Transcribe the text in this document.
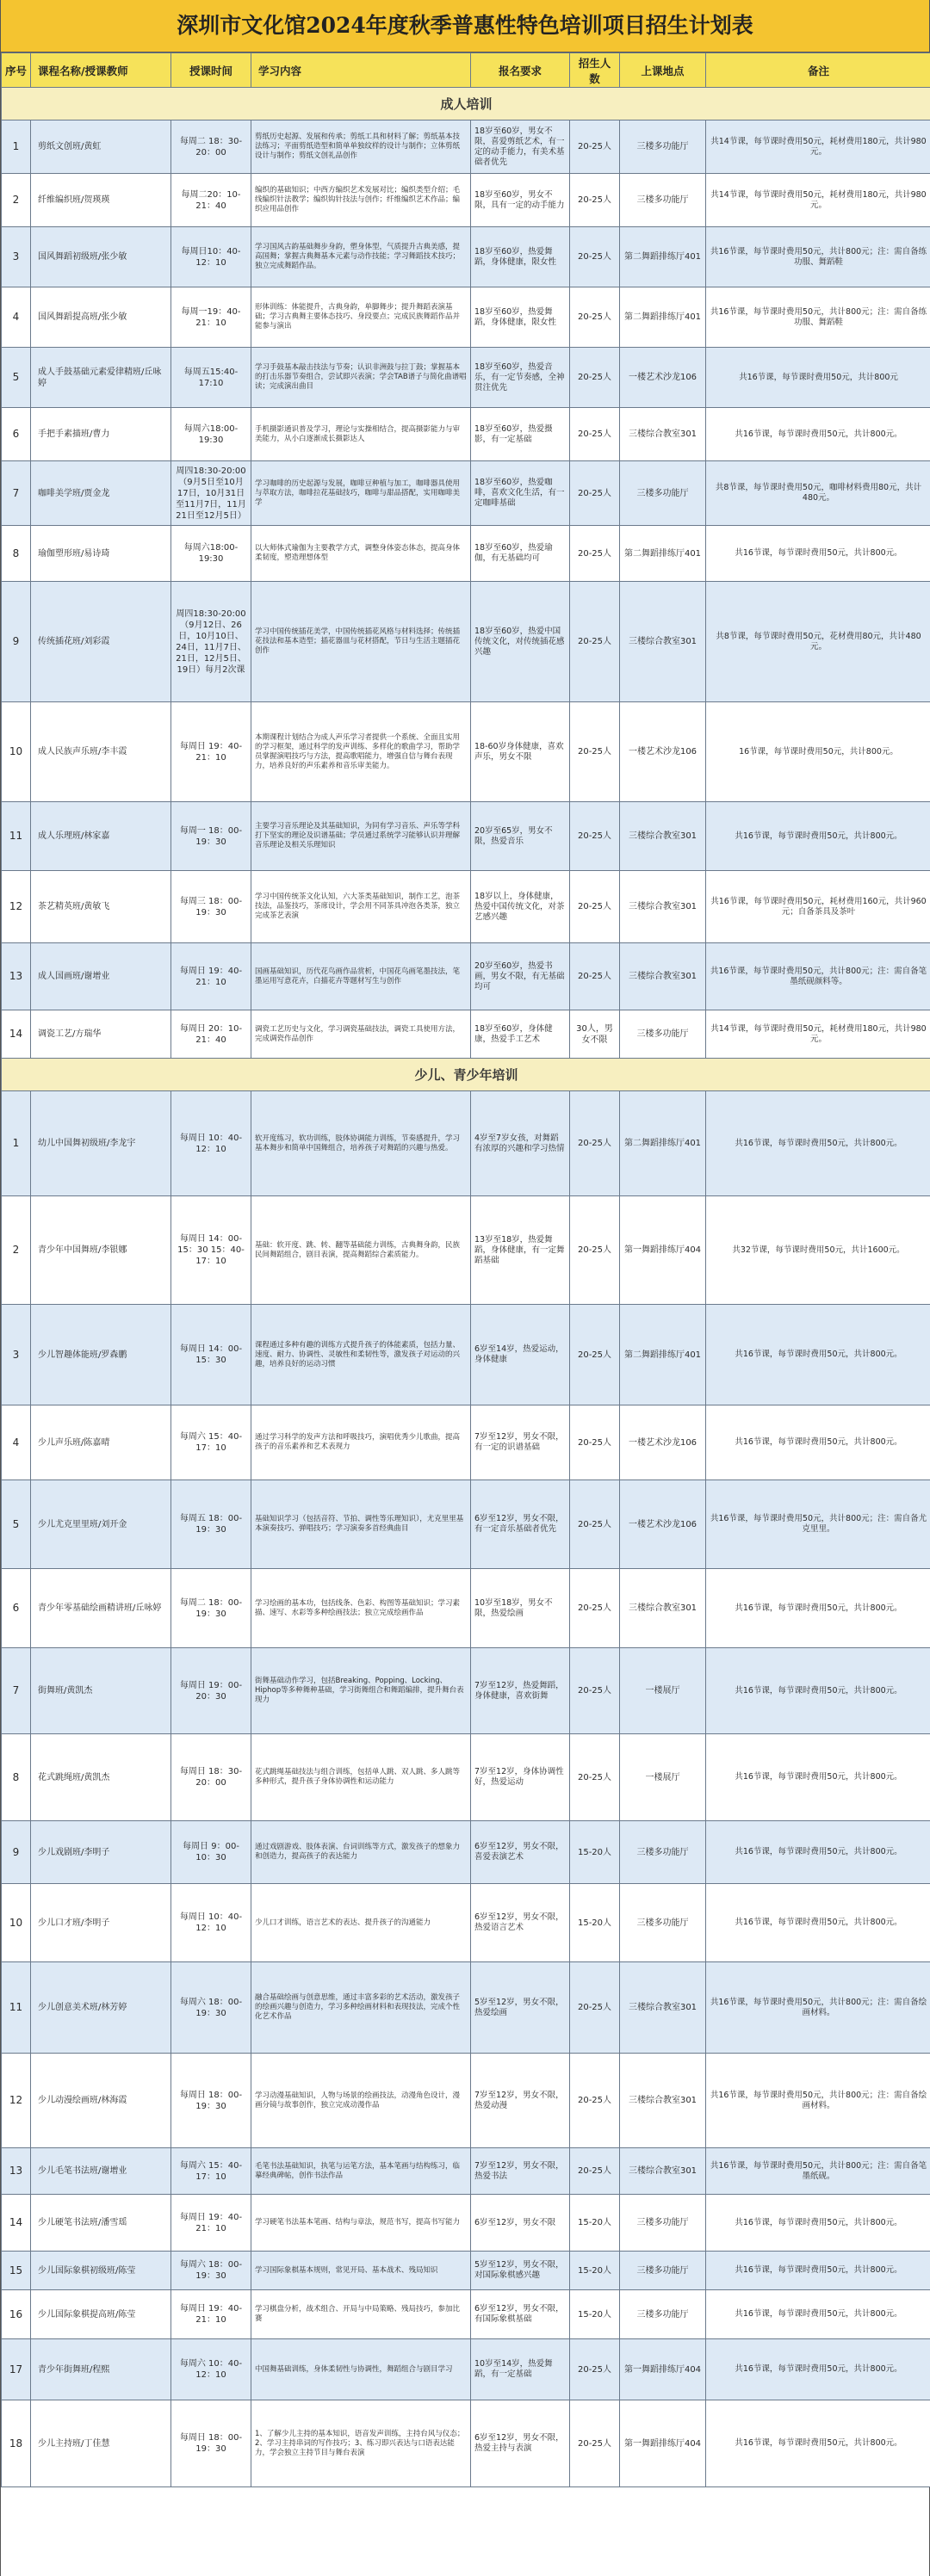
深圳市文化馆2024年度秋季普惠性特色培训项目招生计划表
序号	课程名称/授课教师	授课时间	学习内容	报名要求	招生人数	上课地点	备注
成人培训							
1	剪纸文创班/黄虹	每周二 18：30-20：00	剪纸历史起源、发展和传承；剪纸工具和材料了解；剪纸基本技法练习；平面剪纸造型和简单单独纹样的设计与制作；立体剪纸设计与制作；剪纸文创礼品创作	18岁至60岁，男女不限，喜爱剪纸艺术，有一定的动手能力，有美术基础者优先	20-25人	三楼多功能厅	共14节课，每节课时费用50元，耗材费用180元，共计980元。
2	纤维编织班/贺瑛瑛	每周二20：10-21：40	编织的基础知识；中西方编织艺术发展对比；编织类型介绍；毛线编织针法教学；编织钩针技法与创作；纤维编织艺术作品；编织应用品创作	18岁至60岁，男女不限，具有一定的动手能力	20-25人	三楼多功能厅	共14节课，每节课时费用50元，耗材费用180元，共计980元。
3	国风舞蹈初级班/张少敏	每周日10：40-12：10	学习国风古韵基础舞步身韵，塑身体型，气质提升古典美感，提高国舞；掌握古典舞基本元素与动作技能；学习舞蹈技术技巧；独立完成舞蹈作品。	18岁至60岁，热爱舞蹈，身体健康，限女性	20-25人	第二舞蹈排练厅401	共16节课，每节课时费用50元，共计800元；注：需自备练功服、舞蹈鞋
4	国风舞蹈提高班/张少敏	每周一19：40-21：10	形体训练：体能提升，古典身韵，单脚舞步；提升舞蹈表演基础；学习古典舞主要体态技巧、身段要点；完成民族舞蹈作品并能参与演出	18岁至60岁，热爱舞蹈，身体健康，限女性	20-25人	第二舞蹈排练厅401	共16节课，每节课时费用50元，共计800元；注：需自备练功服、舞蹈鞋
5	成人手鼓基础元素爱律精班/丘咏婷	每周五15:40-17:10	学习手鼓基本敲击技法与节奏；认识非洲鼓与拉丁鼓；掌握基本的打击乐器节奏组合，尝试即兴表演；学会TAB谱子与简化曲谱唱读；完成演出曲目	18岁至60岁，热爱音乐，有一定节奏感，全神贯注优先	20-25人	一楼艺术沙龙106	共16节课，每节课时费用50元，共计800元
6	手把手素描班/曹力	每周六18:00-19:30	手机摄影通识普及学习，理论与实操相结合，提高摄影能力与审美能力，从小白逐渐成长摄影达人	18岁至60岁，热爱摄影，有一定基础	20-25人	三楼综合教室301	共16节课，每节课时费用50元，共计800元。
7	咖啡美学班/贾金龙	周四18:30-20:00（9月5日至10月17日，10月31日至11月7日，11月21日至12月5日）	学习咖啡的历史起源与发展，咖啡豆种植与加工，咖啡器具使用与萃取方法，咖啡拉花基础技巧，咖啡与甜品搭配，实用咖啡美学	18岁至60岁，热爱咖啡，喜欢文化生活，有一定咖啡基础	20-25人	三楼多功能厅	共8节课，每节课时费用50元，咖啡材料费用80元，共计480元。
8	瑜伽塑形班/易诗琦	每周六18:00-19:30	以大师体式瑜伽为主要教学方式，调整身体姿态体态，提高身体柔韧度，塑造理想体型	18岁至60岁，热爱瑜伽，有无基础均可	20-25人	第二舞蹈排练厅401	共16节课，每节课时费用50元，共计800元。
9	传统插花班/刘彩霞	周四18:30-20:00（9月12日、26日，10月10日、24日，11月7日、21日，12月5日、19日）每月2次课	学习中国传统插花美学，中国传统插花风格与材料选择；传统插花技法和基本造型；插花器皿与花材搭配，节日与生活主题插花创作	18岁至60岁，热爱中国传统文化，对传统插花感兴趣	20-25人	三楼综合教室301	共8节课，每节课时费用50元，花材费用80元，共计480元。
10	成人民族声乐班/李丰霞	每周日 19：40-21：10	本期课程计划结合为成人声乐学习者提供一个系统、全面且实用的学习框架，通过科学的发声训练、多样化的歌曲学习，帮助学员掌握演唱技巧与方法，提高歌唱能力，增强自信与舞台表现力，培养良好的声乐素养和音乐审美能力。	18-60岁身体健康，喜欢声乐，男女不限	20-25人	一楼艺术沙龙106	16节课，每节课时费用50元，共计800元。
11	成人乐理班/林家嘉	每周一 18：00-19：30	主要学习音乐理论及其基础知识，为同有学习音乐、声乐等学科打下坚实的理论及识谱基础；学员通过系统学习能够认识并理解音乐理论及相关乐理知识	20岁至65岁，男女不限，热爱音乐	20-25人	三楼综合教室301	共16节课，每节课时费用50元，共计800元。
12	茶艺精英班/黄敏飞	每周三 18：00-19：30	学习中国传统茶文化认知，六大茶类基础知识，制作工艺，泡茶技法，品鉴技巧，茶席设计，学会用不同茶具冲泡各类茶，独立完成茶艺表演	18岁以上，身体健康，热爱中国传统文化，对茶艺感兴趣	20-25人	三楼综合教室301	共16节课，每节课时费用50元，耗材费用160元，共计960元；自备茶具及茶叶
13	成人国画班/谢增业	每周日 19：40-21：10	国画基础知识，历代花鸟画作品赏析，中国花鸟画笔墨技法，笔墨运用写意花卉，白描花卉等题材写生与创作	20岁至60岁，热爱书画，男女不限，有无基础均可	20-25人	三楼综合教室301	共16节课，每节课时费用50元，共计800元；注：需自备笔墨纸砚颜料等。
14	调瓷工艺/方瑞华	每周日 20：10-21：40	调瓷工艺历史与文化，学习调瓷基础技法，调瓷工具使用方法，完成调瓷作品创作	18岁至60岁，身体健康，热爱手工艺术	30人，男女不限	三楼多功能厅	共14节课，每节课时费用50元，耗材费用180元，共计980元。
少儿、青少年培训							
1	幼儿中国舞初级班/李龙宇	每周日 10：40-12：10	软开度练习，软功训练，肢体协调能力训练，节奏感提升，学习基本舞步和简单中国舞组合，培养孩子对舞蹈的兴趣与热爱。	4岁至7岁女孩，对舞蹈有浓厚的兴趣和学习热情	20-25人	第二舞蹈排练厅401	共16节课，每节课时费用50元，共计800元。
2	青少年中国舞班/李银娜	每周日 14：00-15：30 15：40-17：10	基础：软开度、跳、转、翻等基础能力训练，古典舞身韵，民族民间舞蹈组合，剧目表演，提高舞蹈综合素质能力。	13岁至18岁，热爱舞蹈，身体健康，有一定舞蹈基础	20-25人	第一舞蹈排练厅404	共32节课，每节课时费用50元，共计1600元。
3	少儿智趣体能班/罗森鹏	每周日 14：00-15：30	课程通过多种有趣的训练方式提升孩子的体能素质，包括力量、速度、耐力、协调性、灵敏性和柔韧性等，激发孩子对运动的兴趣，培养良好的运动习惯	6岁至14岁，热爱运动，身体健康	20-25人	第二舞蹈排练厅401	共16节课，每节课时费用50元，共计800元。
4	少儿声乐班/陈嘉晴	每周六 15：40-17：10	通过学习科学的发声方法和呼吸技巧，演唱优秀少儿歌曲，提高孩子的音乐素养和艺术表现力	7岁至12岁，男女不限，有一定的识谱基础	20-25人	一楼艺术沙龙106	共16节课，每节课时费用50元，共计800元。
5	少儿尤克里里班/刘开金	每周五 18：00-19：30	基础知识学习（包括音符、节拍、调性等乐理知识），尤克里里基本演奏技巧、弹唱技巧；学习演奏多首经典曲目	6岁至12岁，男女不限，有一定音乐基础者优先	20-25人	一楼艺术沙龙106	共16节课，每节课时费用50元，共计800元；注：需自备尤克里里。
6	青少年零基础绘画精讲班/丘咏婷	每周二 18：00-19：30	学习绘画的基本功，包括线条、色彩、构图等基础知识；学习素描、速写、水彩等多种绘画技法；独立完成绘画作品	10岁至18岁，男女不限，热爱绘画	20-25人	三楼综合教室301	共16节课，每节课时费用50元，共计800元。
7	街舞班/黄凯杰	每周日 19：00-20：30	街舞基础动作学习，包括Breaking、Popping、Locking、Hiphop等多种舞种基础，学习街舞组合和舞蹈编排，提升舞台表现力	7岁至12岁，热爱舞蹈，身体健康，喜欢街舞	20-25人	一楼展厅	共16节课，每节课时费用50元，共计800元。
8	花式跳绳班/黄凯杰	每周日 18：30-20：00	花式跳绳基础技法与组合训练，包括单人跳、双人跳、多人跳等多种形式，提升孩子身体协调性和运动能力	7岁至12岁，身体协调性好，热爱运动	20-25人	一楼展厅	共16节课，每节课时费用50元，共计800元。
9	少儿戏剧班/李明子	每周日 9：00-10：30	通过戏剧游戏、肢体表演、台词训练等方式，激发孩子的想象力和创造力，提高孩子的表达能力	6岁至12岁，男女不限，喜爱表演艺术	15-20人	三楼多功能厅	共16节课，每节课时费用50元，共计800元。
10	少儿口才班/李明子	每周日 10：40-12：10	少儿口才训练，语言艺术的表达、提升孩子的沟通能力	6岁至12岁，男女不限，热爱语言艺术	15-20人	三楼多功能厅	共16节课，每节课时费用50元，共计800元。
11	少儿创意美术班/林芳婷	每周六 18：00-19：30	融合基础绘画与创意思维，通过丰富多彩的艺术活动，激发孩子的绘画兴趣与创造力，学习多种绘画材料和表现技法，完成个性化艺术作品	5岁至12岁，男女不限，热爱绘画	20-25人	三楼综合教室301	共16节课，每节课时费用50元，共计800元；注：需自备绘画材料。
12	少儿动漫绘画班/林海霞	每周日 18：00-19：30	学习动漫基础知识，人物与场景的绘画技法，动漫角色设计，漫画分镜与故事创作，独立完成动漫作品	7岁至12岁，男女不限，热爱动漫	20-25人	三楼综合教室301	共16节课，每节课时费用50元，共计800元；注：需自备绘画材料。
13	少儿毛笔书法班/谢增业	每周六 15：40-17：10	毛笔书法基础知识，执笔与运笔方法，基本笔画与结构练习，临摹经典碑帖，创作书法作品	7岁至12岁，男女不限，热爱书法	20-25人	三楼综合教室301	共16节课，每节课时费用50元，共计800元；注：需自备笔墨纸砚。
14	少儿硬笔书法班/潘雪瑶	每周日 19：40-21：10	学习硬笔书法基本笔画、结构与章法，规范书写，提高书写能力	6岁至12岁，男女不限	15-20人	三楼多功能厅	共16节课，每节课时费用50元，共计800元。
15	少儿国际象棋初级班/陈莹	每周六 18：00-19：30	学习国际象棋基本规则，常见开局、基本战术、残局知识	5岁至12岁，男女不限，对国际象棋感兴趣	15-20人	三楼多功能厅	共16节课，每节课时费用50元，共计800元。
16	少儿国际象棋提高班/陈莹	每周日 19：40-21：10	学习棋盘分析，战术组合、开局与中局策略、残局技巧，参加比赛	6岁至12岁，男女不限，有国际象棋基础	15-20人	三楼多功能厅	共16节课，每节课时费用50元，共计800元。
17	青少年街舞班/程熙	每周六 10：40-12：10	中国舞基础训练，身体柔韧性与协调性，舞蹈组合与剧目学习	10岁至14岁，热爱舞蹈，有一定基础	20-25人	第一舞蹈排练厅404	共16节课，每节课时费用50元，共计800元。
18	少儿主持班/丁佳慧	每周日 18：00-19：30	1、了解少儿主持的基本知识，语音发声训练，主持台风与仪态；2、学习主持串词的写作技巧；3、练习即兴表达与口语表达能力，学会独立主持节目与舞台表演	6岁至12岁，男女不限，热爱主持与表演	20-25人	第一舞蹈排练厅404	共16节课，每节课时费用50元，共计800元。
